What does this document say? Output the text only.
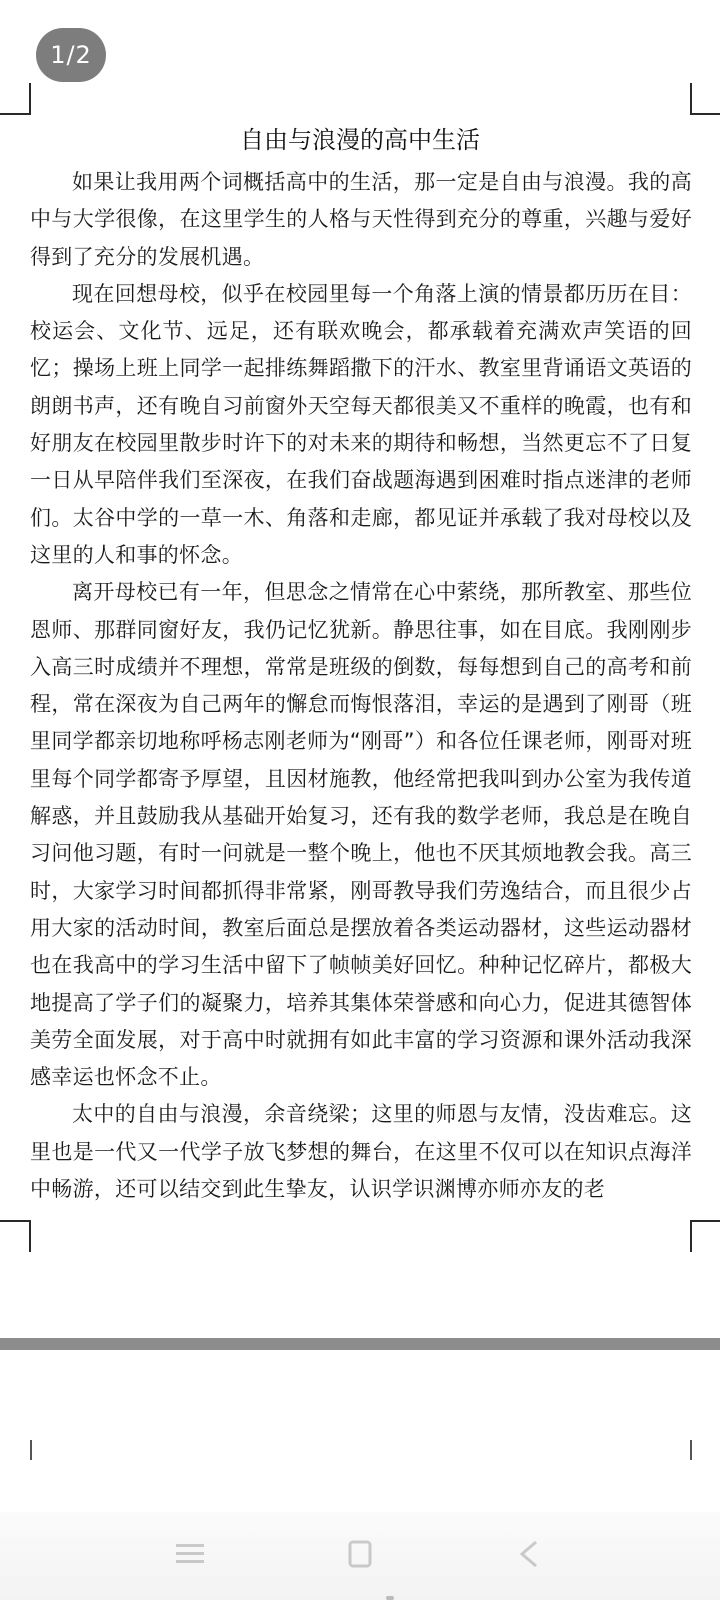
1/2
自由与浪漫的高中生活

如果让我用两个词概括高中的生活，那一定是自由与浪漫。我的高中与大学很像，在这里学生的人格与天性得到充分的尊重，兴趣与爱好得到了充分的发展机遇。

现在回想母校，似乎在校园里每一个角落上演的情景都历历在目：校运会、文化节、远足，还有联欢晚会，都承载着充满欢声笑语的回忆；操场上班上同学一起排练舞蹈撒下的汗水、教室里背诵语文英语的朗朗书声，还有晚自习前窗外天空每天都很美又不重样的晚霞，也有和好朋友在校园里散步时许下的对未来的期待和畅想，当然更忘不了日复一日从早陪伴我们至深夜，在我们奋战题海遇到困难时指点迷津的老师们。太谷中学的一草一木、角落和走廊，都见证并承载了我对母校以及这里的人和事的怀念。

离开母校已有一年，但思念之情常在心中萦绕，那所教室、那些位恩师、那群同窗好友，我仍记忆犹新。静思往事，如在目底。我刚刚步入高三时成绩并不理想，常常是班级的倒数，每每想到自己的高考和前程，常在深夜为自己两年的懈怠而悔恨落泪，幸运的是遇到了刚哥（班里同学都亲切地称呼杨志刚老师为“刚哥”）和各位任课老师，刚哥对班里每个同学都寄予厚望，且因材施教，他经常把我叫到办公室为我传道解惑，并且鼓励我从基础开始复习，还有我的数学老师，我总是在晚自习问他习题，有时一问就是一整个晚上，他也不厌其烦地教会我。高三时，大家学习时间都抓得非常紧，刚哥教导我们劳逸结合，而且很少占用大家的活动时间，教室后面总是摆放着各类运动器材，这些运动器材也在我高中的学习生活中留下了帧帧美好回忆。种种记忆碎片，都极大地提高了学子们的凝聚力，培养其集体荣誉感和向心力，促进其德智体美劳全面发展，对于高中时就拥有如此丰富的学习资源和课外活动我深感幸运也怀念不止。

太中的自由与浪漫，余音绕梁；这里的师恩与友情，没齿难忘。这里也是一代又一代学子放飞梦想的舞台，在这里不仅可以在知识点海洋中畅游，还可以结交到此生挚友，认识学识渊博亦师亦友的老
